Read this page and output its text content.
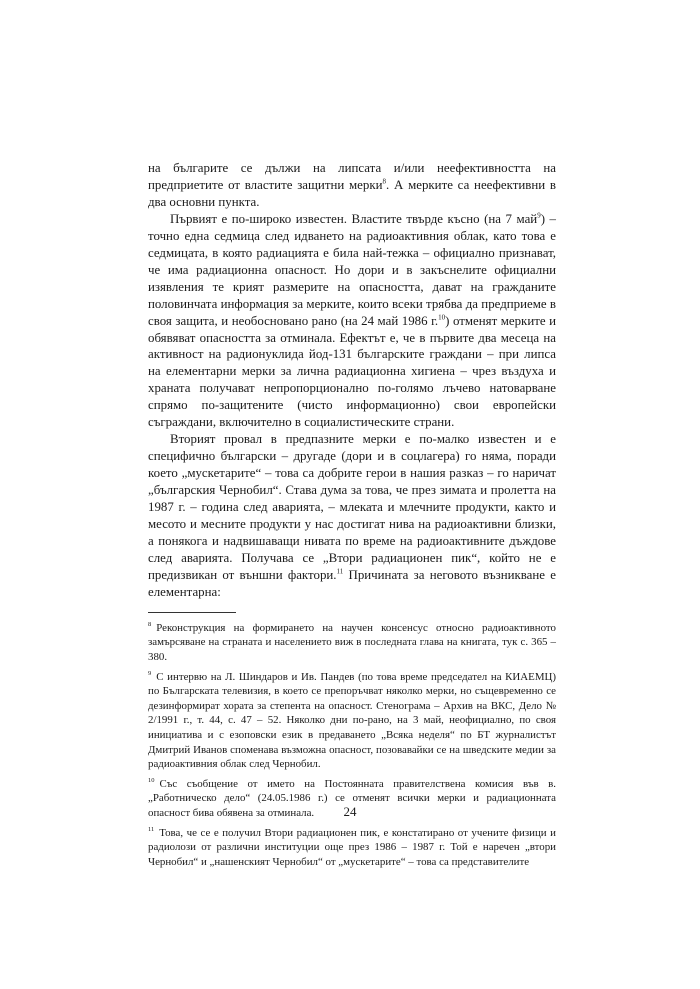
на българите се дължи на липсата и/или неефективността на предприетите от властите защитни мерки$^8$. А мерките са неефективни в два основни пункта.

Първият е по-широко известен. Властите твърде късно (на 7 май$^9$) – точно една седмица след идването на радиоактивния облак, като това е седмицата, в която радиацията е била най-тежка – официално признават, че има радиационна опасност. Но дори и в закъснелите официални изявления те крият размерите на опасността, дават на гражданите половинчата информация за мерките, които всеки трябва да предприеме в своя защита, и необосновано рано (на 24 май 1986 г.$^{10}$) отменят мерките и обявяват опасността за отминала. Ефектът е, че в първите два месеца на активност на радионуклида йод-131 българските граждани – при липса на елементарни мерки за лична радиационна хигиена – чрез въздуха и храната получават непропорционално по-голямо лъчево натоварване спрямо по-защитените (чисто информационно) свои европейски съграждани, включително в социалистическите страни.

Вторият провал в предпазните мерки е по-малко известен и е специфично български – другаде (дори и в соцлагера) го няма, поради което „мускетарите“ – това са добрите герои в нашия разказ – го наричат „българския Чернобил“. Става дума за това, че през зимата и пролетта на 1987 г. – година след аварията, – млеката и млечните продукти, както и месото и месните продукти у нас достигат нива на радиоактивни близки, а понякога и надвишаващи нивата по време на радиоактивните дъждове след аварията. Получава се „Втори радиационен пик“, който не е предизвикан от външни фактори.$^{11}$ Причината за неговото възникване е елементарна:

$^8$ Реконструкция на формирането на научен консенсус относно радиоактивното замърсяване на страната и населението виж в последната глава на книгата, тук с. 365 – 380.

$^9$ С интервю на Л. Шиндаров и Ив. Пандев (по това време председател на КИАЕМЦ) по Българската телевизия, в което се препоръчват няколко мерки, но същевременно се дезинформират хората за степента на опасност. Стенограма – Архив на ВКС, Дело № 2/1991 г., т. 44, с. 47 – 52. Няколко дни по-рано, на 3 май, неофициално, по своя инициатива и с езоповски език в предаването „Всяка неделя“ по БТ журналистът Дмитрий Иванов споменава възможна опасност, позовавайки се на шведските медии за радиоактивния облак след Чернобил.

$^{10}$ Със съобщение от името на Постоянната правителствена комисия във в. „Работническо дело“ (24.05.1986 г.) се отменят всички мерки и радиационната опасност бива обявена за отминала.

$^{11}$ Това, че се е получил Втори радиационен пик, е констатирано от учените физици и радиолози от различни институции още през 1986 – 1987 г. Той е наречен „втори Чернобил“ и „нашенският Чернобил“ от „мускетарите“ – това са представителите

24
